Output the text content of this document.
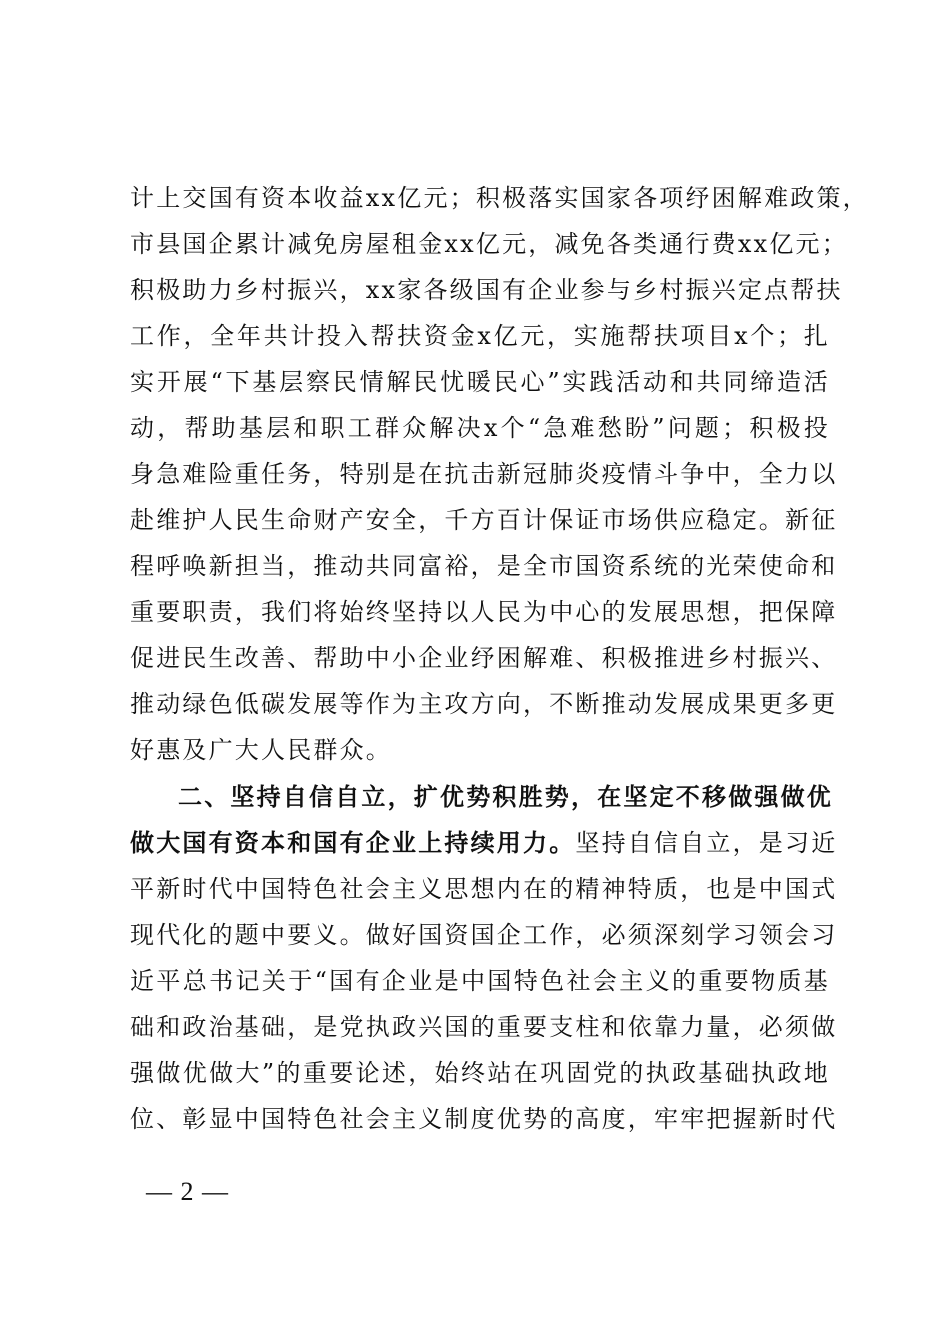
计上交国有资本收益xx亿元；积极落实国家各项纾困解难政策，
市县国企累计减免房屋租金xx亿元，减免各类通行费xx亿元；
积极助力乡村振兴，xx家各级国有企业参与乡村振兴定点帮扶
工作，全年共计投入帮扶资金x亿元，实施帮扶项目x个；扎
实开展“下基层察民情解民忧暖民心”实践活动和共同缔造活
动，帮助基层和职工群众解决x个“急难愁盼”问题；积极投
身急难险重任务，特别是在抗击新冠肺炎疫情斗争中，全力以
赴维护人民生命财产安全，千方百计保证市场供应稳定。新征
程呼唤新担当，推动共同富裕，是全市国资系统的光荣使命和
重要职责，我们将始终坚持以人民为中心的发展思想，把保障
促进民生改善、帮助中小企业纾困解难、积极推进乡村振兴、
推动绿色低碳发展等作为主攻方向，不断推动发展成果更多更
好惠及广大人民群众。
二、坚持自信自立，扩优势积胜势，在坚定不移做强做优
做大国有资本和国有企业上持续用力。坚持自信自立，是习近
平新时代中国特色社会主义思想内在的精神特质，也是中国式
现代化的题中要义。做好国资国企工作，必须深刻学习领会习
近平总书记关于“国有企业是中国特色社会主义的重要物质基
础和政治基础，是党执政兴国的重要支柱和依靠力量，必须做
强做优做大”的重要论述，始终站在巩固党的执政基础执政地
位、彰显中国特色社会主义制度优势的高度，牢牢把握新时代
— 2 —
